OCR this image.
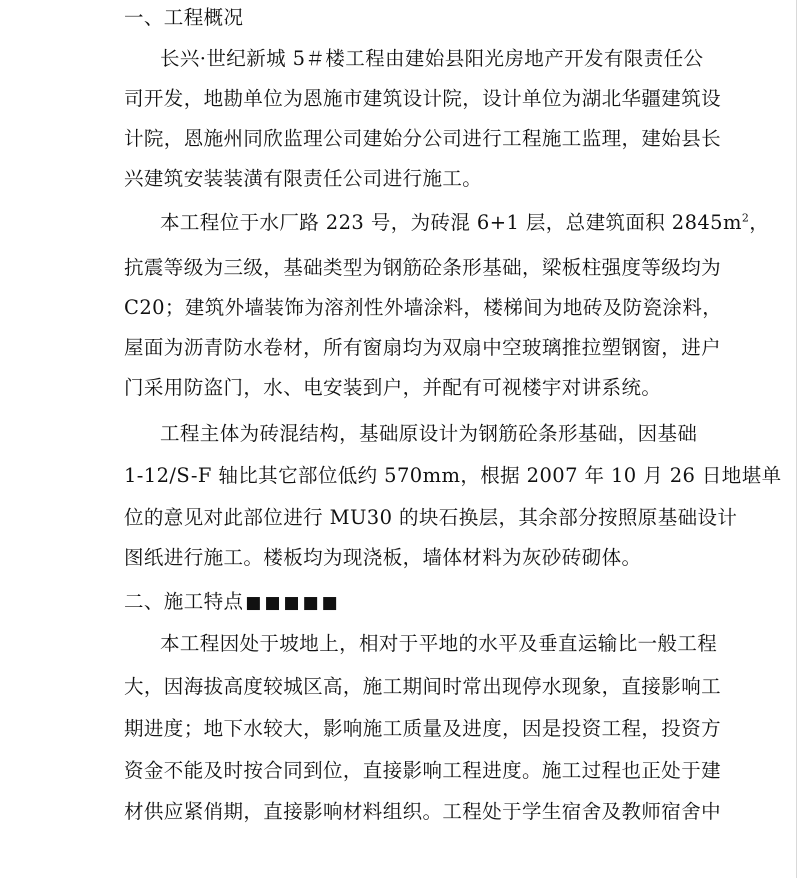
一、工程概况
长兴·世纪新城 5＃楼工程由建始县阳光房地产开发有限责任公
司开发，地勘单位为恩施市建筑设计院，设计单位为湖北华疆建筑设
计院，恩施州同欣监理公司建始分公司进行工程施工监理，建始县长
兴建筑安装装潢有限责任公司进行施工。
本工程位于水厂路 223 号，为砖混 6+1 层，总建筑面积 $2845m^2$，
抗震等级为三级，基础类型为钢筋砼条形基础，梁板柱强度等级均为
C20；建筑外墙装饰为溶剂性外墙涂料，楼梯间为地砖及防瓷涂料，
屋面为沥青防水卷材，所有窗扇均为双扇中空玻璃推拉塑钢窗，进户
门采用防盗门，水、电安装到户，并配有可视楼宇对讲系统。
工程主体为砖混结构，基础原设计为钢筋砼条形基础，因基础
1-12/S-F 轴比其它部位低约 570mm，根据 2007 年 10 月 26 日地堪单
位的意见对此部位进行 MU30 的块石换层，其余部分按照原基础设计
图纸进行施工。楼板均为现浇板，墙体材料为灰砂砖砌体。
二、施工特点 ■■■■■
本工程因处于坡地上，相对于平地的水平及垂直运输比一般工程
大，因海拔高度较城区高，施工期间时常出现停水现象，直接影响工
期进度；地下水较大，影响施工质量及进度，因是投资工程，投资方
资金不能及时按合同到位，直接影响工程进度。施工过程也正处于建
材供应紧俏期，直接影响材料组织。工程处于学生宿舍及教师宿舍中
